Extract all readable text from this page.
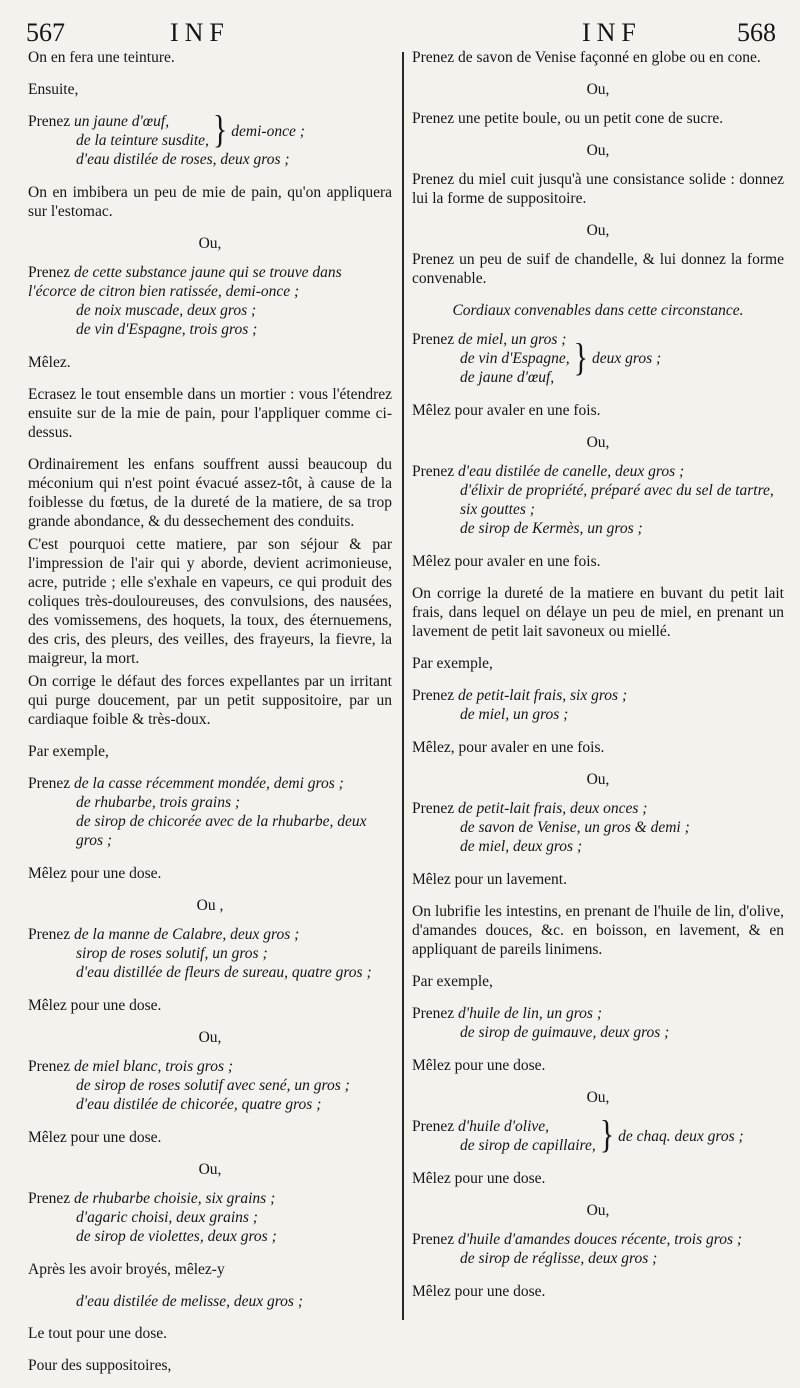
567	INF	INF	568

On en fera une teinture.

Ensuite,

Prenez un jaune d'œuf,
de la teinture susdite,	}	demi-once ;
d'eau distilée de roses, deux gros ;

On en imbibera un peu de mie de pain, qu'on appliquera sur l'estomac.

Ou,
Prenez de cette substance jaune qui se trouve dans l'écorce de citron bien ratissée, demi-once ;
de noix muscade, deux gros ;
de vin d'Espagne, trois gros ;

Mêlez.

Ecrasez le tout ensemble dans un mortier : vous l'étendrez ensuite sur de la mie de pain, pour l'appliquer comme ci-dessus.

Ordinairement les enfans souffrent aussi beaucoup du méconium qui n'est point évacué assez-tôt, à cause de la foiblesse du fœtus, de la dureté de la matiere, de sa trop grande abondance, & du dessechement des conduits.

C'est pourquoi cette matiere, par son séjour & par l'impression de l'air qui y aborde, devient acrimonieuse, acre, putride ; elle s'exhale en vapeurs, ce qui produit des coliques très-douloureuses, des convulsions, des nausées, des vomissemens, des hoquets, la toux, des éternuemens, des cris, des pleurs, des veilles, des frayeurs, la fievre, la maigreur, la mort.

On corrige le défaut des forces expellantes par un irritant qui purge doucement, par un petit suppositoire, par un cardiaque foible & très-doux.

Par exemple,

Prenez de la casse récemment mondée, demi gros ;
de rhubarbe, trois grains ;
de sirop de chicorée avec de la rhubarbe, deux gros ;

Mêlez pour une dose.

Ou ,
Prenez de la manne de Calabre, deux gros ;
sirop de roses solutif, un gros ;
d'eau distillée de fleurs de sureau, quatre gros ;

Mêlez pour une dose.

Ou,
Prenez de miel blanc, trois gros ;
de sirop de roses solutif avec sené, un gros ;
d'eau distilée de chicorée, quatre gros ;

Mêlez pour une dose.

Ou,
Prenez de rhubarbe choisie, six grains ;
d'agaric choisi, deux grains ;
de sirop de violettes, deux gros ;

Après les avoir broyés, mêlez-y

d'eau distilée de melisse, deux gros ;

Le tout pour une dose.

Pour des suppositoires,

Prenez de savon de Venise façonné en globe ou en cone.

Ou,

Prenez une petite boule, ou un petit cone de sucre.

Ou,

Prenez du miel cuit jusqu'à une consistance solide : donnez lui la forme de suppositoire.

Ou,

Prenez un peu de suif de chandelle, & lui donnez la forme convenable.

Cordiaux convenables dans cette circonstance.
Prenez de miel, un gros ;
de vin d'Espagne,
de jaune d'œuf,	}	deux gros ;

Mêlez pour avaler en une fois.

Ou,
Prenez d'eau distilée de canelle, deux gros ;
d'élixir de propriété, préparé avec du sel de tartre, six gouttes ;
de sirop de Kermès, un gros ;

Mêlez pour avaler en une fois.

On corrige la dureté de la matiere en buvant du petit lait frais, dans lequel on délaye un peu de miel, en prenant un lavement de petit lait savoneux ou miellé.

Par exemple,

Prenez de petit-lait frais, six gros ;
de miel, un gros ;

Mêlez, pour avaler en une fois.

Ou,
Prenez de petit-lait frais, deux onces ;
de savon de Venise, un gros & demi ;
de miel, deux gros ;

Mêlez pour un lavement.

On lubrifie les intestins, en prenant de l'huile de lin, d'olive, d'amandes douces, &c. en boisson, en lavement, & en appliquant de pareils linimens.

Par exemple,

Prenez d'huile de lin, un gros ;
de sirop de guimauve, deux gros ;

Mêlez pour une dose.

Ou,
Prenez d'huile d'olive,
de sirop de capillaire,	}	de chaq. deux gros ;

Mêlez pour une dose.

Ou,
Prenez d'huile d'amandes douces récente, trois gros ;
de sirop de réglisse, deux gros ;

Mêlez pour une dose.
